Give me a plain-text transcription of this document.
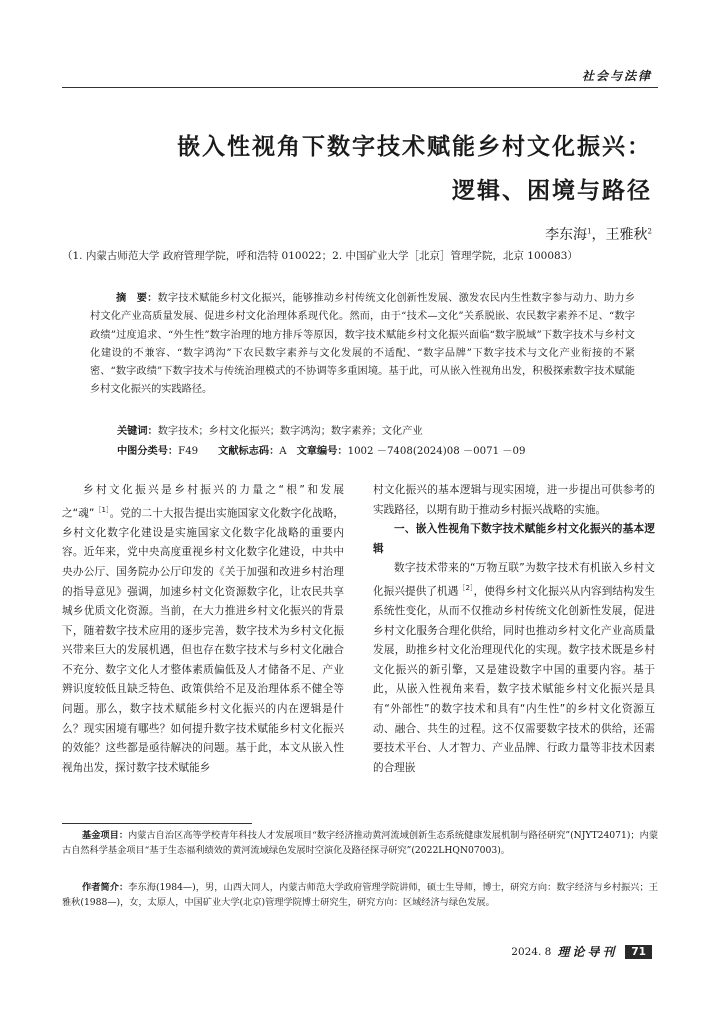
社会与法律
嵌入性视角下数字技术赋能乡村文化振兴：
逻辑、困境与路径
李东海$^1$，王雅秋$^2$
（1. 内蒙古师范大学 政府管理学院，呼和浩特 010022；2. 中国矿业大学［北京］管理学院，北京 100083）
摘　要：数字技术赋能乡村文化振兴，能够推动乡村传统文化创新性发展、激发农民内生性数字参与动力、助力乡村文化产业高质量发展、促进乡村文化治理体系现代化。然而，由于“技术—文化”关系脱嵌、农民数字素养不足、“数字政绩”过度追求、“外生性”数字治理的地方排斥等原因，数字技术赋能乡村文化振兴面临“数字脱域”下数字技术与乡村文化建设的不兼容、“数字鸿沟”下农民数字素养与文化发展的不适配、“数字品牌”下数字技术与文化产业衔接的不紧密、“数字政绩”下数字技术与传统治理模式的不协调等多重困境。基于此，可从嵌入性视角出发，积极探索数字技术赋能乡村文化振兴的实践路径。
关键词：数字技术；乡村文化振兴；数字鸿沟；数字素养；文化产业
中图分类号：F49 文献标志码：A 文章编号：1002 －7408(2024)08 －0071 －09

乡村文化振兴是乡村振兴的力量之“根”和发展之“魂”$^{[1]}$。党的二十大报告提出实施国家文化数字化战略，乡村文化数字化建设是实施国家文化数字化战略的重要内容。近年来，党中央高度重视乡村文化数字化建设，中共中央办公厅、国务院办公厅印发的《关于加强和改进乡村治理的指导意见》强调，加速乡村文化资源数字化，让农民共享城乡优质文化资源。当前，在大力推进乡村文化振兴的背景下，随着数字技术应用的逐步完善，数字技术为乡村文化振兴带来巨大的发展机遇，但也存在数字技术与乡村文化融合不充分、数字文化人才整体素质偏低及人才储备不足、产业辨识度较低且缺乏特色、政策供给不足及治理体系不健全等问题。那么，数字技术赋能乡村文化振兴的内在逻辑是什么？现实困境有哪些？如何提升数字技术赋能乡村文化振兴的效能？这些都是亟待解决的问题。基于此，本文从嵌入性视角出发，探讨数字技术赋能乡

村文化振兴的基本逻辑与现实困境，进一步提出可供参考的实践路径，以期有助于推动乡村振兴战略的实施。

一、嵌入性视角下数字技术赋能乡村文化振兴的基本逻辑

数字技术带来的“万物互联”为数字技术有机嵌入乡村文化振兴提供了机遇$^{[2]}$，使得乡村文化振兴从内容到结构发生系统性变化，从而不仅推动乡村传统文化创新性发展，促进乡村文化服务合理化供给，同时也推动乡村文化产业高质量发展，助推乡村文化治理现代化的实现。数字技术既是乡村文化振兴的新引擎，又是建设数字中国的重要内容。基于此，从嵌入性视角来看，数字技术赋能乡村文化振兴是具有“外部性”的数字技术和具有“内生性”的乡村文化资源互动、融合、共生的过程。这不仅需要数字技术的供给，还需要技术平台、人才智力、产业品牌、行政力量等非技术因素的合理嵌

基金项目：内蒙古自治区高等学校青年科技人才发展项目“数字经济推动黄河流域创新生态系统健康发展机制与路径研究”(NJYT24071)；内蒙古自然科学基金项目“基于生态福利绩效的黄河流域绿色发展时空演化及路径探寻研究”(2022LHQN07003)。
作者简介：李东海(1984—)，男，山西大同人，内蒙古师范大学政府管理学院讲师，硕士生导师，博士，研究方向：数字经济与乡村振兴；王雅秋(1988—)，女，太原人，中国矿业大学(北京)管理学院博士研究生，研究方向：区域经济与绿色发展。
2024. 8 理论导刊	71
